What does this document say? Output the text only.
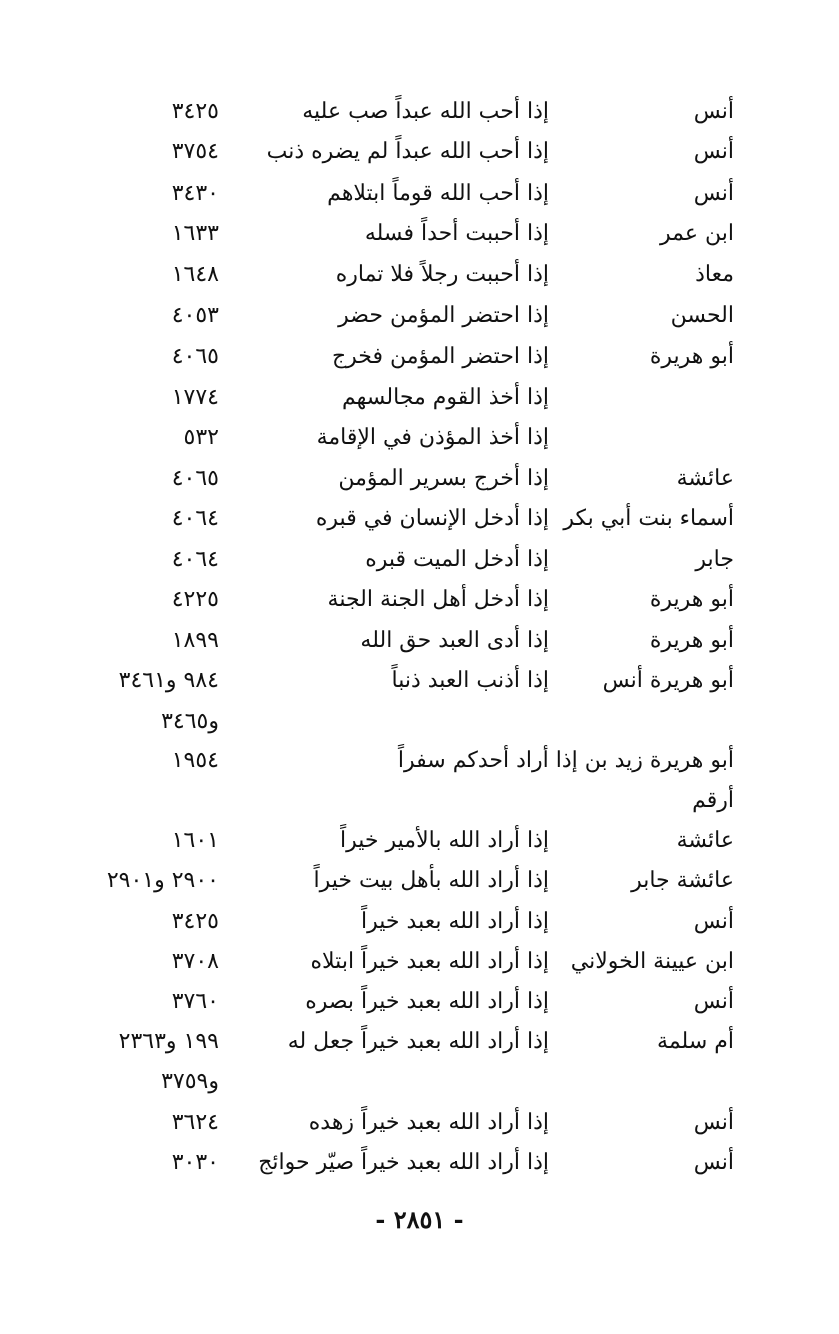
أنس
إذا أحب الله عبداً صب عليه
٣٤٢٥
أنس
إذا أحب الله عبداً لم يضره ذنب
٣٧٥٤
أنس
إذا أحب الله قوماً ابتلاهم
٣٤٣٠
ابن عمر
إذا أحببت أحداً فسله
١٦٣٣
معاذ
إذا أحببت رجلاً فلا تماره
١٦٤٨
الحسن
إذا احتضر المؤمن حضر
٤٠٥٣
أبو هريرة
إذا احتضر المؤمن فخرج
٤٠٦٥
إذا أخذ القوم مجالسهم
١٧٧٤
إذا أخذ المؤذن في الإقامة
٥٣٢
عائشة
إذا أخرج بسرير المؤمن
٤٠٦٥
أسماء بنت أبي بكر
إذا أدخل الإنسان في قبره
٤٠٦٤
جابر
إذا أدخل الميت قبره
٤٠٦٤
أبو هريرة
إذا أدخل أهل الجنة الجنة
٤٢٢٥
أبو هريرة
إذا أدى العبد حق الله
١٨٩٩
أبو هريرة أنس
إذا أذنب العبد ذنباً
٩٨٤ و٣٤٦١
و٣٤٦٥
أبو هريرة زيد بن إذا أراد أحدكم سفراً
١٩٥٤
أرقم
عائشة
إذا أراد الله بالأمير خيراً
١٦٠١
عائشة جابر
إذا أراد الله بأهل بيت خيراً
٢٩٠٠ و٢٩٠١
أنس
إذا أراد الله بعبد خيراً
٣٤٢٥
ابن عيينة الخولاني
إذا أراد الله بعبد خيراً ابتلاه
٣٧٠٨
أنس
إذا أراد الله بعبد خيراً بصره
٣٧٦٠
أم سلمة
إذا أراد الله بعبد خيراً جعل له
١٩٩ و٢٣٦٣
و٣٧٥٩
أنس
إذا أراد الله بعبد خيراً زهده
٣٦٢٤
أنس
إذا أراد الله بعبد خيراً صيّر حوائج
٣٠٣٠
- ٢٨٥١ -
